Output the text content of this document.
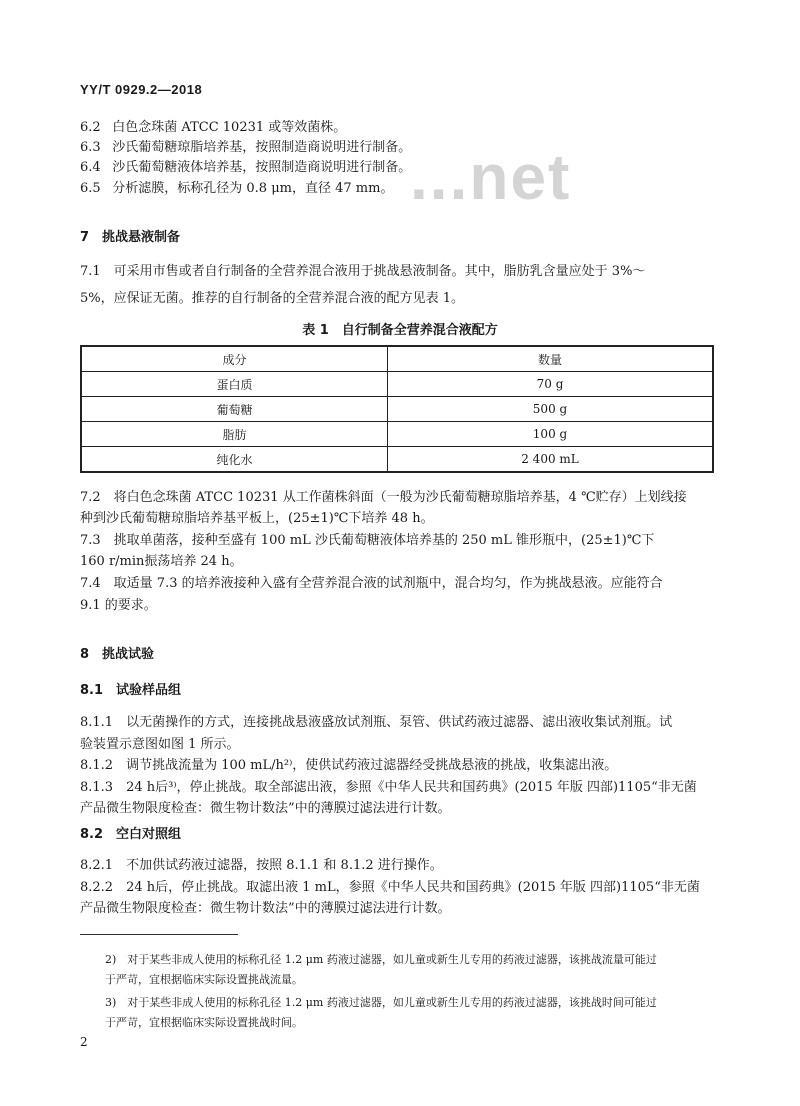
YY/T 0929.2—2018
...net
6.2 白色念珠菌 ATCC 10231 或等效菌株。
6.3 沙氏葡萄糖琼脂培养基，按照制造商说明进行制备。
6.4 沙氏葡萄糖液体培养基，按照制造商说明进行制备。
6.5 分析滤膜，标称孔径为 0.8 μm，直径 47 mm。
7　挑战悬液制备
7.1　可采用市售或者自行制备的全营养混合液用于挑战悬液制备。其中，脂肪乳含量应处于 3%～
5%，应保证无菌。推荐的自行制备的全营养混合液的配方见表 1。
表 1　自行制备全营养混合液配方
成分	数量
蛋白质	70 g
葡萄糖	500 g
脂肪	100 g
纯化水	2 400 mL
7.2　将白色念珠菌 ATCC 10231 从工作菌株斜面（一般为沙氏葡萄糖琼脂培养基，4 ℃贮存）上划线接
种到沙氏葡萄糖琼脂培养基平板上，(25±1)℃下培养 48 h。
7.3　挑取单菌落，接种至盛有 100 mL 沙氏葡萄糖液体培养基的 250 mL 锥形瓶中，(25±1)℃下
160 r/min振荡培养 24 h。
7.4　取适量 7.3 的培养液接种入盛有全营养混合液的试剂瓶中，混合均匀，作为挑战悬液。应能符合
9.1 的要求。
8　挑战试验
8.1　试验样品组
8.1.1　以无菌操作的方式，连接挑战悬液盛放试剂瓶、泵管、供试药液过滤器、滤出液收集试剂瓶。试
验装置示意图如图 1 所示。
8.1.2　调节挑战流量为 100 mL/h²⁾，使供试药液过滤器经受挑战悬液的挑战，收集滤出液。
8.1.3　24 h后³⁾，停止挑战。取全部滤出液，参照《中华人民共和国药典》(2015 年版 四部)1105“非无菌
产品微生物限度检查：微生物计数法”中的薄膜过滤法进行计数。
8.2　空白对照组
8.2.1　不加供试药液过滤器，按照 8.1.1 和 8.1.2 进行操作。
8.2.2　24 h后，停止挑战。取滤出液 1 mL，参照《中华人民共和国药典》(2015 年版 四部)1105“非无菌
产品微生物限度检查：微生物计数法”中的薄膜过滤法进行计数。
2)　对于某些非成人使用的标称孔径 1.2 μm 药液过滤器，如儿童或新生儿专用的药液过滤器，该挑战流量可能过
于严苛，宜根据临床实际设置挑战流量。
3)　对于某些非成人使用的标称孔径 1.2 μm 药液过滤器，如儿童或新生儿专用的药液过滤器，该挑战时间可能过
于严苛，宜根据临床实际设置挑战时间。
2
